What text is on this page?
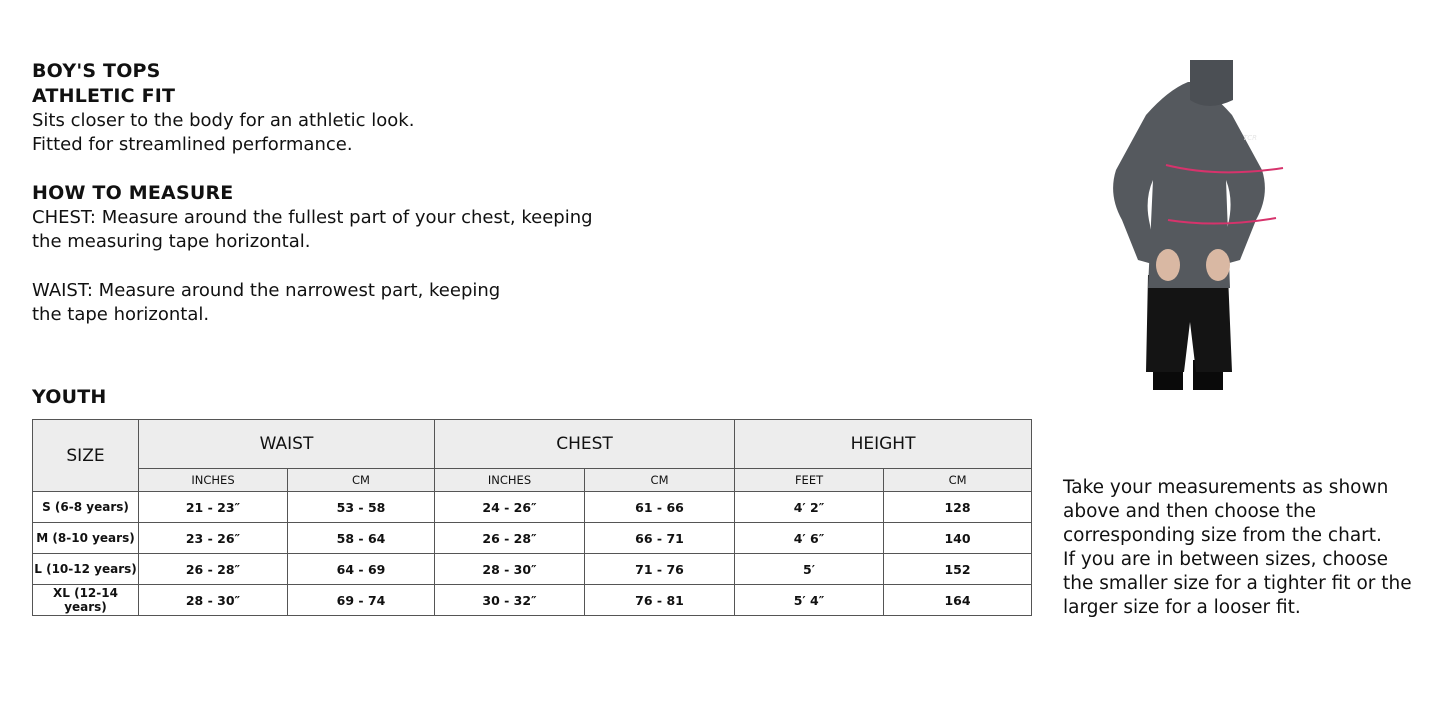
BOY'S TOPS
ATHLETIC FIT
Sits closer to the body for an athletic look.
Fitted for streamlined performance.
HOW TO MEASURE
CHEST: Measure around the fullest part of your chest, keeping
the measuring tape horizontal.
WAIST: Measure around the narrowest part, keeping
the tape horizontal.
YOUTH
SIZE	WAIST		CHEST		HEIGHT	
	INCHES	CM	INCHES	CM	FEET	CM
S (6-8 years)	21 - 23″	53 - 58	24 - 26″	61 - 66	4′ 2″	128
M (8-10 years)	23 - 26″	58 - 64	26 - 28″	66 - 71	4′ 6″	140
L (10-12 years)	26 - 28″	64 - 69	28 - 30″	71 - 76	5′	152
XL (12-14 years)	28 - 30″	69 - 74	30 - 32″	76 - 81	5′ 4″	164
Take your measurements as shown
above and then choose the
corresponding size from the chart.
If you are in between sizes, choose
the smaller size for a tighter fit or the
larger size for a looser fit.
TCR
